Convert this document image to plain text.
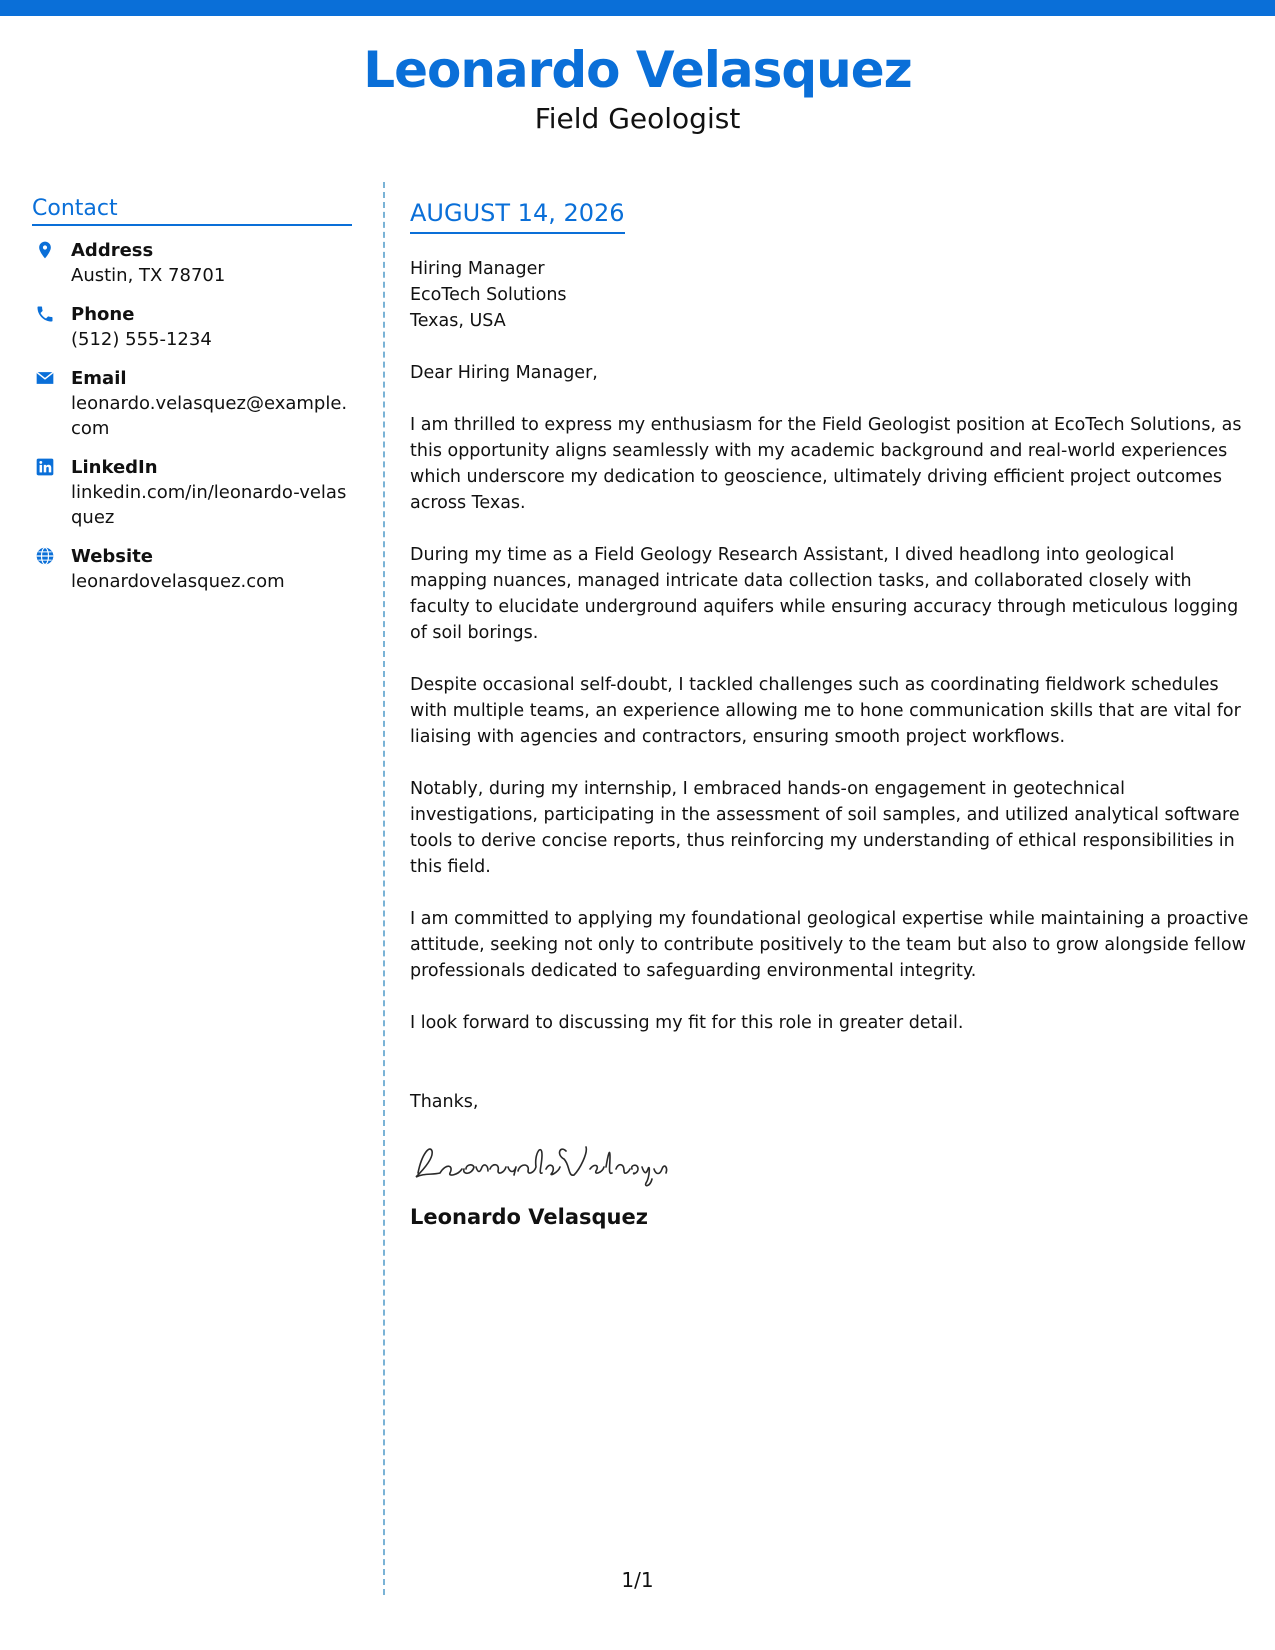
Leonardo Velasquez
Field Geologist
Contact
Address
Austin, TX 78701
Phone
(512) 555-1234
Email
leonardo.velasquez@example.com
LinkedIn
linkedin.com/in/leonardo-velasquez
Website
leonardovelasquez.com
AUGUST 14, 2026
Hiring Manager
EcoTech Solutions
Texas, USA
Dear Hiring Manager,
I am thrilled to express my enthusiasm for the Field Geologist position at EcoTech Solutions, as this opportunity aligns seamlessly with my academic background and real-world experiences which underscore my dedication to geoscience, ultimately driving efficient project outcomes across Texas.
During my time as a Field Geology Research Assistant, I dived headlong into geological mapping nuances, managed intricate data collection tasks, and collaborated closely with faculty to elucidate underground aquifers while ensuring accuracy through meticulous logging of soil borings.
Despite occasional self-doubt, I tackled challenges such as coordinating fieldwork schedules with multiple teams, an experience allowing me to hone communication skills that are vital for liaising with agencies and contractors, ensuring smooth project workflows.
Notably, during my internship, I embraced hands-on engagement in geotechnical investigations, participating in the assessment of soil samples, and utilized analytical software tools to derive concise reports, thus reinforcing my understanding of ethical responsibilities in this field.
I am committed to applying my foundational geological expertise while maintaining a proactive attitude, seeking not only to contribute positively to the team but also to grow alongside fellow professionals dedicated to safeguarding environmental integrity.
I look forward to discussing my fit for this role in greater detail.
Thanks,
Leonardo Velasquez
1/1
